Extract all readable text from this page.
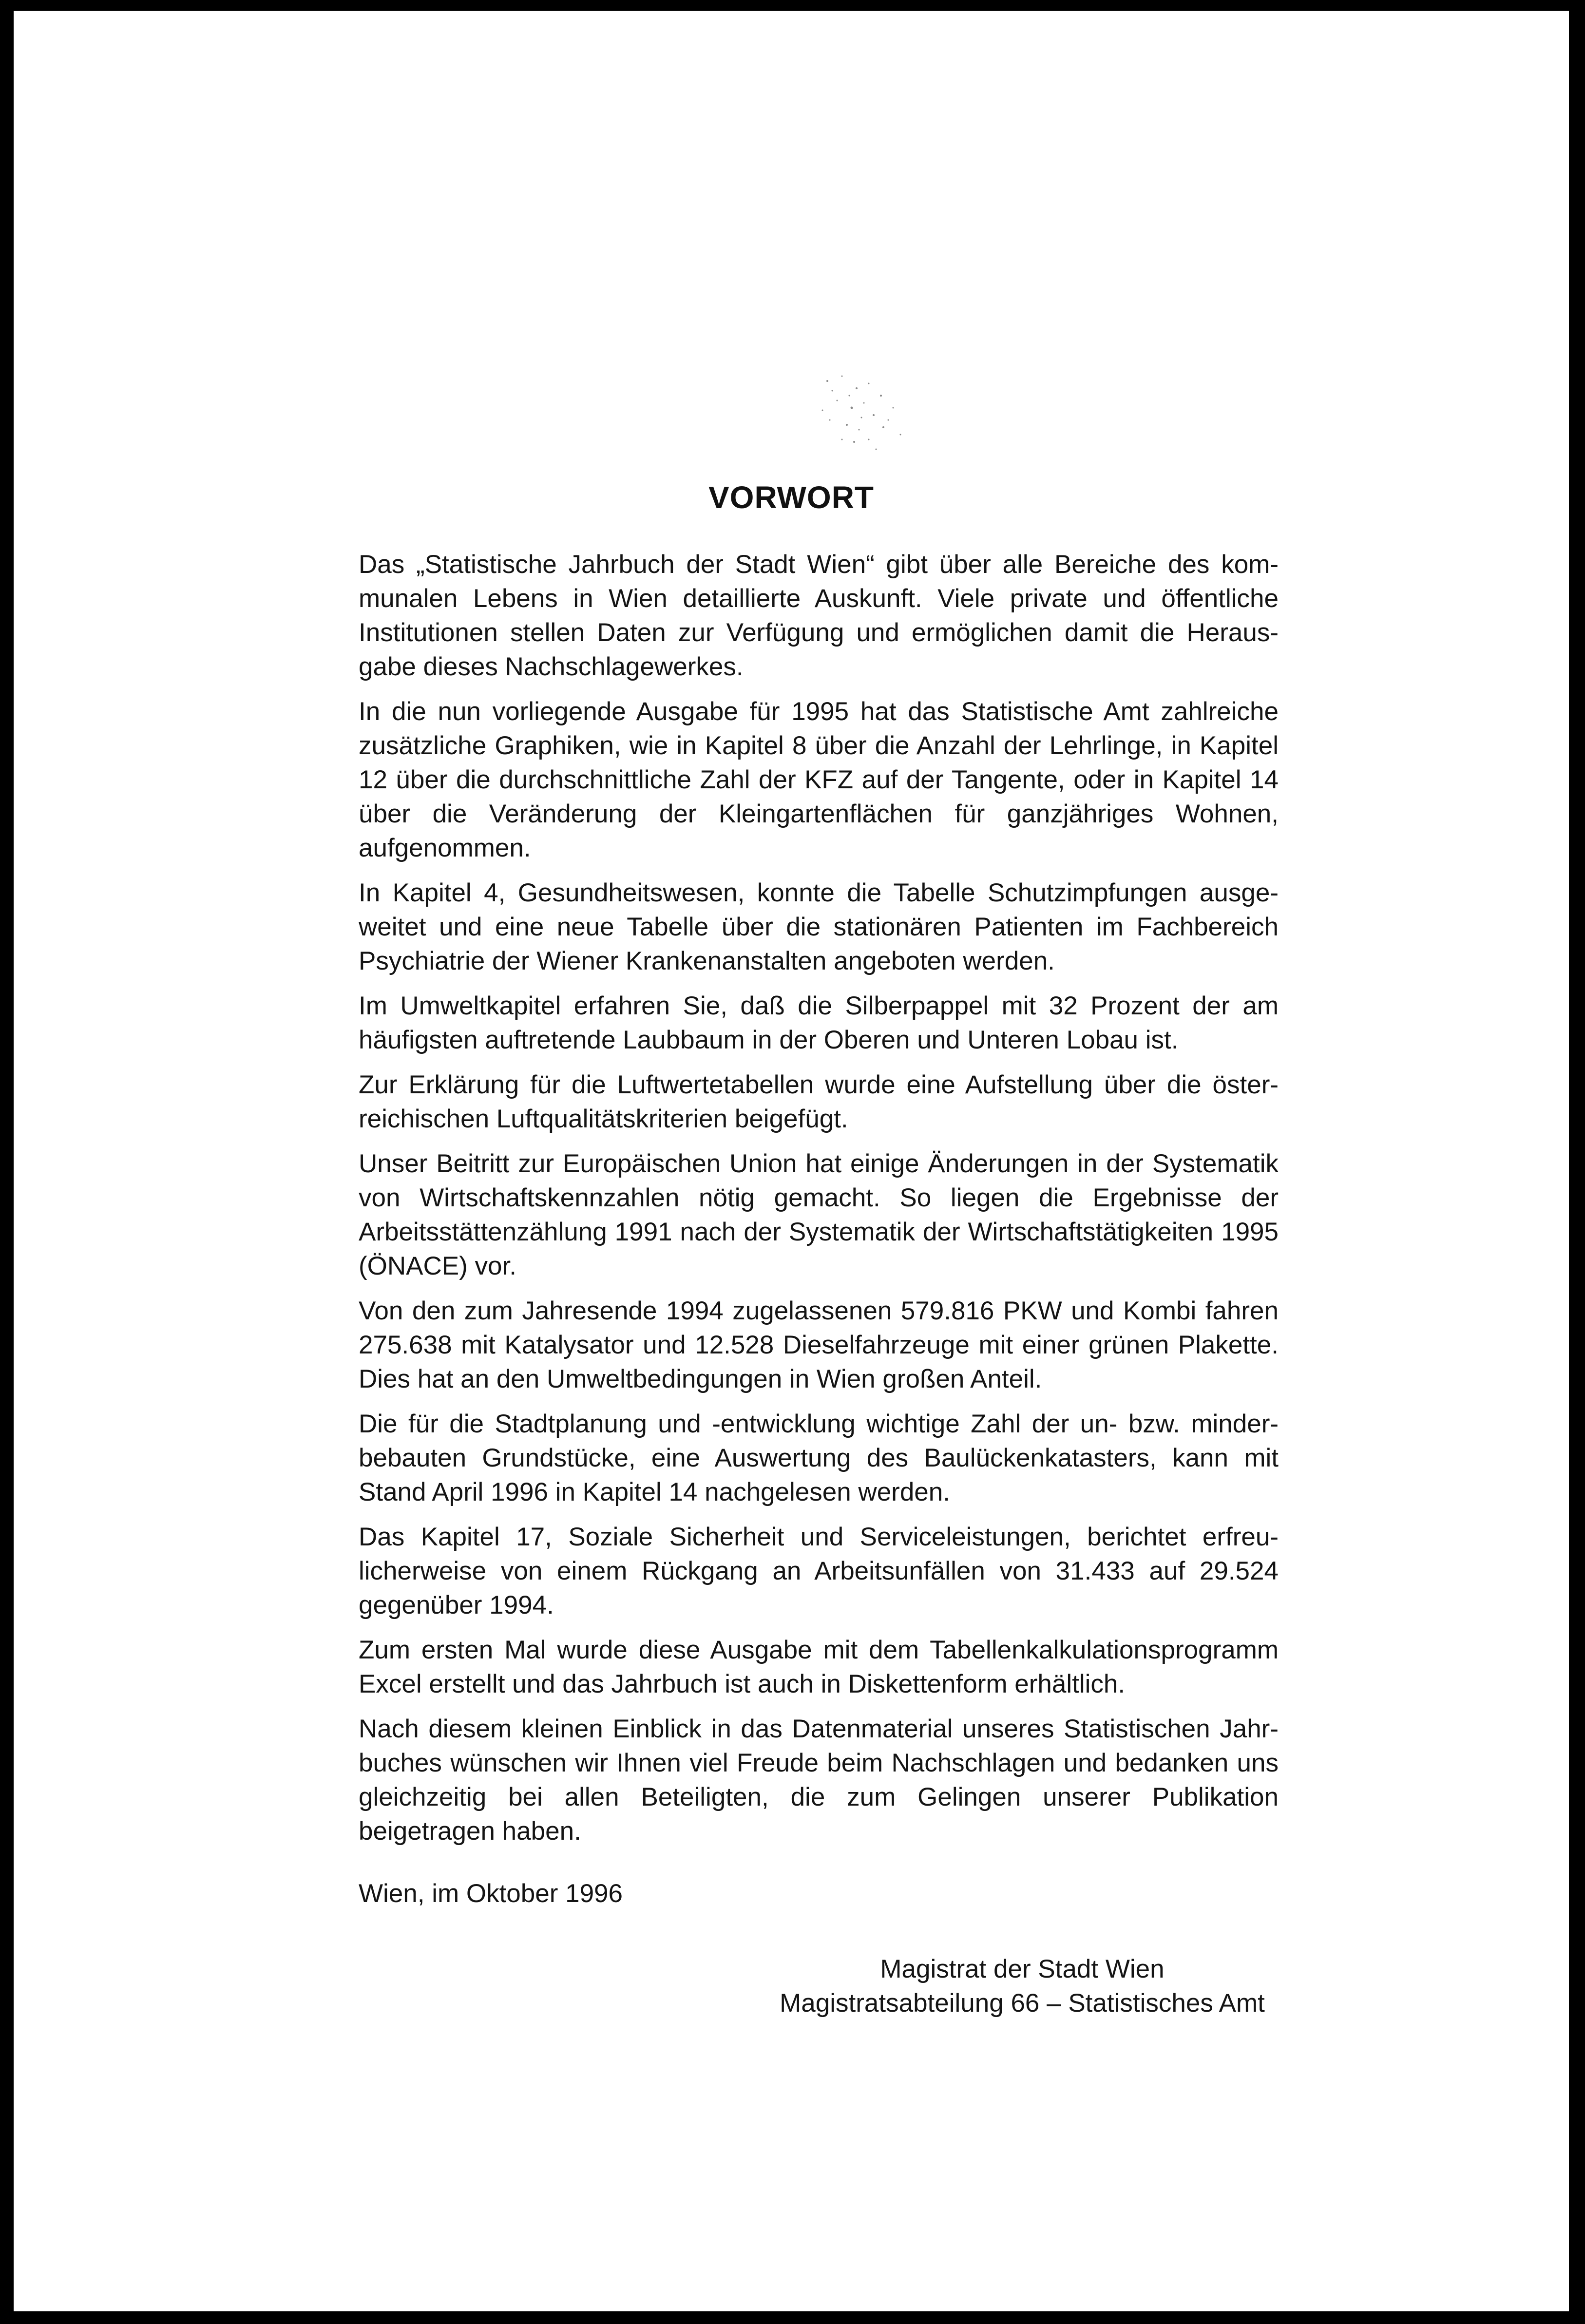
VORWORT

Das „Statistische Jahrbuch der Stadt Wien“ gibt über alle Bereiche des kommunalen Lebens in Wien detaillierte Auskunft. Viele private und öffentliche Institutionen stellen Daten zur Verfügung und ermöglichen damit die Herausgabe dieses Nachschlagewerkes.

In die nun vorliegende Ausgabe für 1995 hat das Statistische Amt zahlreiche zusätzliche Graphiken, wie in Kapitel 8 über die Anzahl der Lehrlinge, in Kapitel 12 über die durchschnittliche Zahl der KFZ auf der Tangente, oder in Kapitel 14 über die Veränderung der Kleingartenflächen für ganzjähriges Wohnen, aufgenommen.

In Kapitel 4, Gesundheitswesen, konnte die Tabelle Schutzimpfungen ausgeweitet und eine neue Tabelle über die stationären Patienten im Fachbereich Psychiatrie der Wiener Krankenanstalten angeboten werden.

Im Umweltkapitel erfahren Sie, daß die Silberpappel mit 32 Prozent der am häufigsten auftretende Laubbaum in der Oberen und Unteren Lobau ist.

Zur Erklärung für die Luftwertetabellen wurde eine Aufstellung über die österreichischen Luftqualitätskriterien beigefügt.

Unser Beitritt zur Europäischen Union hat einige Änderungen in der Systematik von Wirtschaftskennzahlen nötig gemacht. So liegen die Ergebnisse der Arbeitsstättenzählung 1991 nach der Systematik der Wirtschaftstätigkeiten 1995 (ÖNACE) vor.

Von den zum Jahresende 1994 zugelassenen 579.816 PKW und Kombi fahren 275.638 mit Katalysator und 12.528 Dieselfahrzeuge mit einer grünen Plakette. Dies hat an den Umweltbedingungen in Wien großen Anteil.

Die für die Stadtplanung und -entwicklung wichtige Zahl der un- bzw. minderbebauten Grundstücke, eine Auswertung des Baulückenkatasters, kann mit Stand April 1996 in Kapitel 14 nachgelesen werden.

Das Kapitel 17, Soziale Sicherheit und Serviceleistungen, berichtet erfreulicherweise von einem Rückgang an Arbeitsunfällen von 31.433 auf 29.524 gegenüber 1994.

Zum ersten Mal wurde diese Ausgabe mit dem Tabellenkalkulationsprogramm Excel erstellt und das Jahrbuch ist auch in Diskettenform erhältlich.

Nach diesem kleinen Einblick in das Datenmaterial unseres Statistischen Jahrbuches wünschen wir Ihnen viel Freude beim Nachschlagen und bedanken uns gleichzeitig bei allen Beteiligten, die zum Gelingen unserer Publikation beigetragen haben.

Wien, im Oktober 1996
Magistrat der Stadt Wien
Magistratsabteilung 66 – Statistisches Amt
